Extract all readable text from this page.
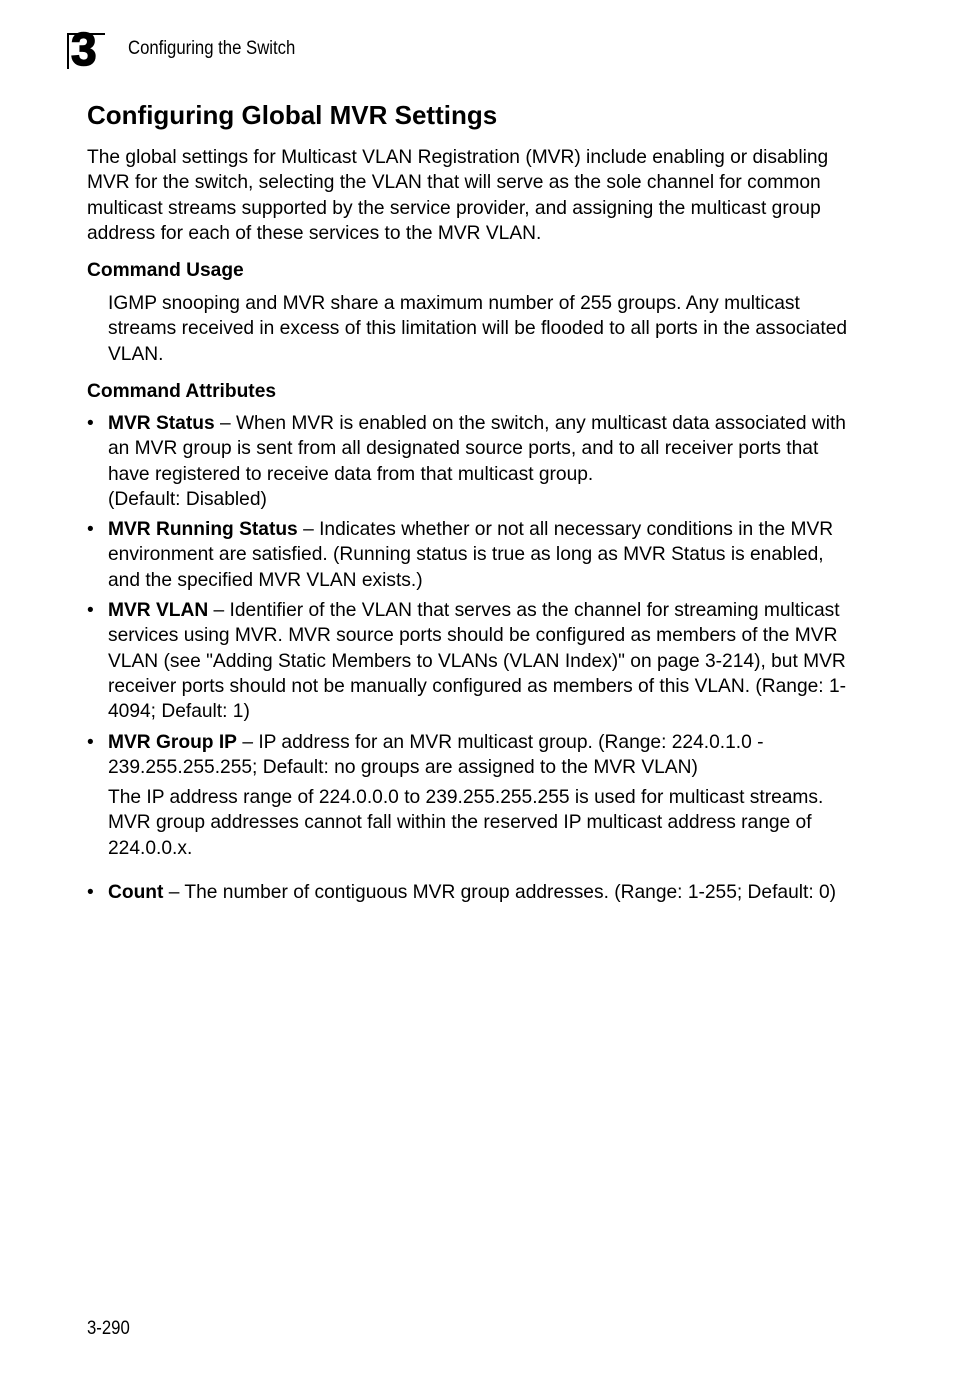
3 Configuring the Switch
Configuring Global MVR Settings

The global settings for Multicast VLAN Registration (MVR) include enabling or disabling MVR for the switch, selecting the VLAN that will serve as the sole channel for common multicast streams supported by the service provider, and assigning the multicast group address for each of these services to the MVR VLAN.

Command Usage

IGMP snooping and MVR share a maximum number of 255 groups. Any multicast streams received in excess of this limitation will be flooded to all ports in the associated VLAN.

Command Attributes
• MVR Status – When MVR is enabled on the switch, any multicast data associated with an MVR group is sent from all designated source ports, and to all receiver ports that have registered to receive data from that multicast group.
(Default: Disabled)
• MVR Running Status – Indicates whether or not all necessary conditions in the MVR environment are satisfied. (Running status is true as long as MVR Status is enabled, and the specified MVR VLAN exists.)
• MVR VLAN – Identifier of the VLAN that serves as the channel for streaming multicast services using MVR. MVR source ports should be configured as members of the MVR VLAN (see "Adding Static Members to VLANs (VLAN Index)" on page 3-214), but MVR receiver ports should not be manually configured as members of this VLAN. (Range: 1-4094; Default: 1)
• MVR Group IP – IP address for an MVR multicast group. (Range: 224.0.1.0 - 239.255.255.255; Default: no groups are assigned to the MVR VLAN)

The IP address range of 224.0.0.0 to 239.255.255.255 is used for multicast streams. MVR group addresses cannot fall within the reserved IP multicast address range of 224.0.0.x.

• Count – The number of contiguous MVR group addresses. (Range: 1-255; Default: 0)
3-290
